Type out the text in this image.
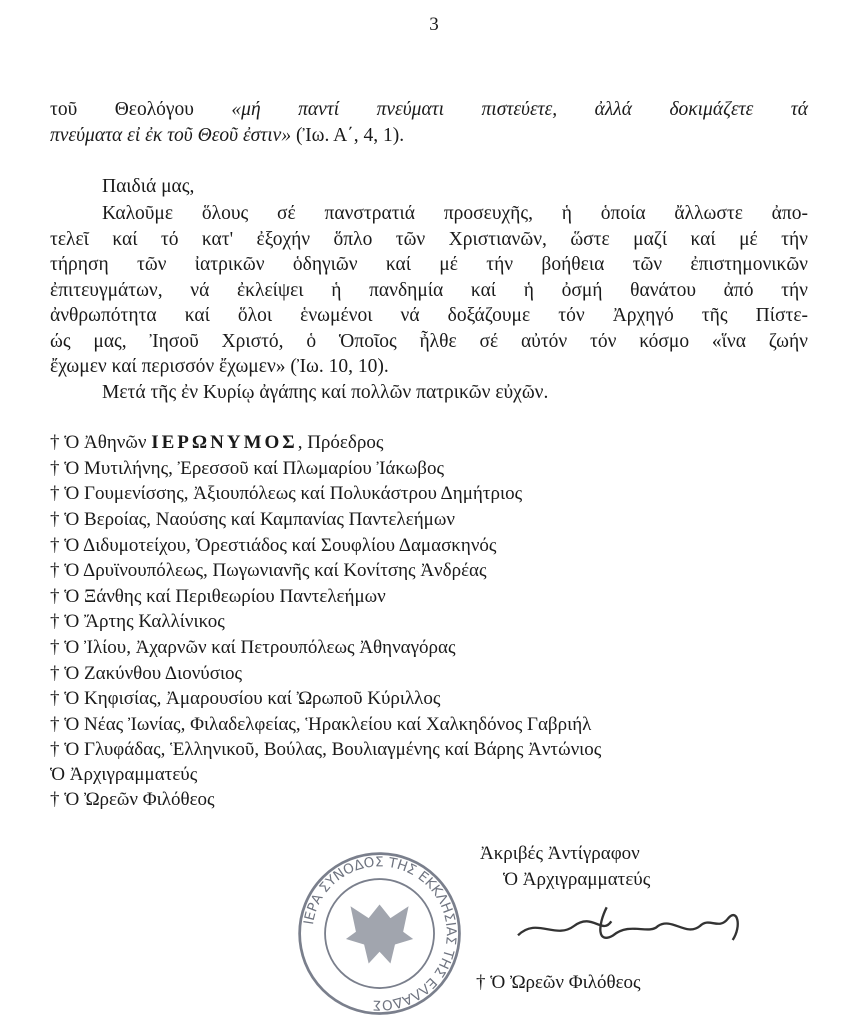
3
τοῦ Θεολόγου «μή παντί πνεύματι πιστεύετε, ἀλλά δοκιμάζετε τά
πνεύματα εἰ ἐκ τοῦ Θεοῦ ἐστιν» (Ἰω. Α΄, 4, 1).
Παιδιά μας,
Καλοῦμε ὅλους σέ πανστρατιά προσευχῆς, ἡ ὁποία ἄλλωστε ἀπο-
τελεῖ καί τό κατ' ἐξοχήν ὅπλο τῶν Χριστιανῶν, ὥστε μαζί καί μέ τήν
τήρηση τῶν ἰατρικῶν ὁδηγιῶν καί μέ τήν βοήθεια τῶν ἐπιστημονικῶν
ἐπιτευγμάτων, νά ἐκλείψει ἡ πανδημία καί ἡ ὀσμή θανάτου ἀπό τήν
ἀνθρωπότητα καί ὅλοι ἑνωμένοι νά δοξάζουμε τόν Ἀρχηγό τῆς Πίστε-
ώς μας, Ἰησοῦ Χριστό, ὁ Ὁποῖος ἦλθε σέ αὐτόν τόν κόσμο «ἵνα ζωήν
ἔχωμεν καί περισσόν ἔχωμεν» (Ἰω. 10, 10).
Μετά τῆς ἐν Κυρίῳ ἀγάπης καί πολλῶν πατρικῶν εὐχῶν.
† Ὁ Ἀθηνῶν ΙΕΡΩΝΥΜΟΣ, Πρόεδρος
† Ὁ Μυτιλήνης, Ἐρεσσοῦ καί Πλωμαρίου Ἰάκωβος
† Ὁ Γουμενίσσης, Ἀξιουπόλεως καί Πολυκάστρου Δημήτριος
† Ὁ Βεροίας, Ναούσης καί Καμπανίας Παντελεήμων
† Ὁ Διδυμοτείχου, Ὀρεστιάδος καί Σουφλίου Δαμασκηνός
† Ὁ Δρυϊνουπόλεως, Πωγωνιανῆς καί Κονίτσης Ἀνδρέας
† Ὁ Ξάνθης καί Περιθεωρίου Παντελεήμων
† Ὁ Ἄρτης Καλλίνικος
† Ὁ Ἰλίου, Ἀχαρνῶν καί Πετρουπόλεως Ἀθηναγόρας
† Ὁ Ζακύνθου Διονύσιος
† Ὁ Κηφισίας, Ἀμαρουσίου καί Ὠρωποῦ Κύριλλος
† Ὁ Νέας Ἰωνίας, Φιλαδελφείας, Ἡρακλείου καί Χαλκηδόνος Γαβριήλ
† Ὁ Γλυφάδας, Ἑλληνικοῦ, Βούλας, Βουλιαγμένης καί Βάρης Ἀντώνιος
Ὁ Ἀρχιγραμματεύς
† Ὁ Ὠρεῶν Φιλόθεος
ΙΕΡΑ ΣΥΝΟΔΟΣ ΤΗΣ ΕΚΚΛΗΣΙΑΣ ΤΗΣ ΕΛΛΑΔΟΣ
Ἀκριβές Ἀντίγραφον
Ὁ Ἀρχιγραμματεύς
† Ὁ Ὠρεῶν Φιλόθεος
